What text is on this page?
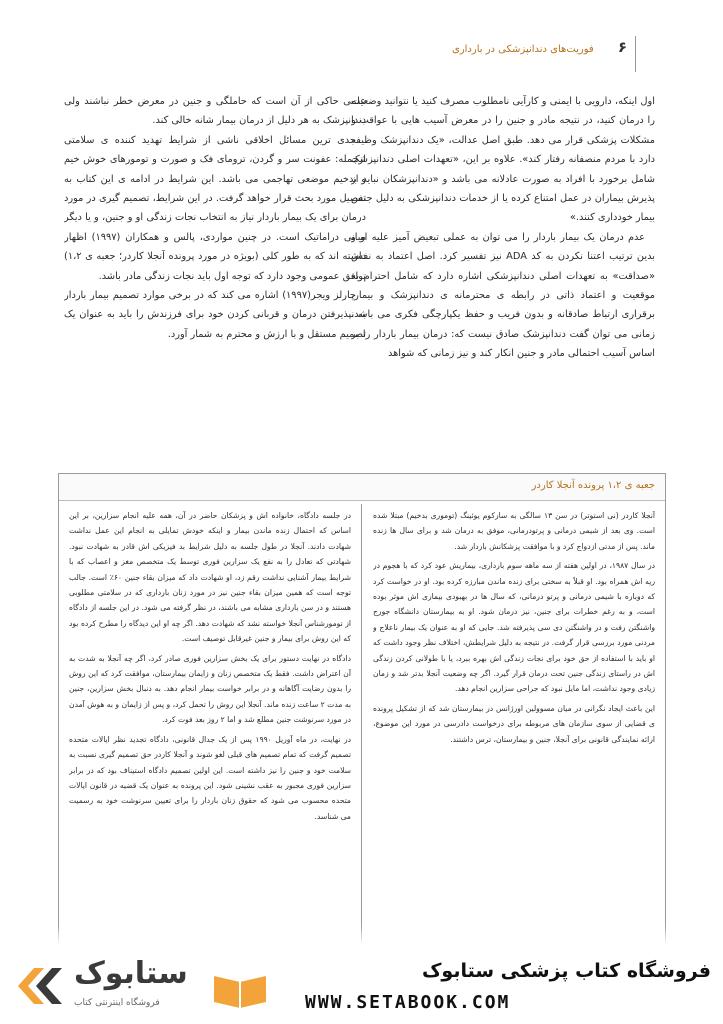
۶
فوریت‌های دندانپزشکی در بارداری

اول اینکه، دارویی با ایمنی و کارآیی نامطلوب مصرف کنید یا نتوانید وضعیت را درمان کنید، در نتیجه مادر و جنین را در معرض آسیب هایی با عواقب و مشکلات پزشکی قرار می دهد. طبق اصل عدالت، «یک دندانپزشک وظیفه دارد با مردم منصفانه رفتار کند». علاوه بر این، «تعهدات اصلی دندانپزشک شامل برخورد با افراد به صورت عادلانه می باشد و «دندانپزشکان نباید از پذیرش بیماران در عمل امتناع کرده یا از خدمات دندانپزشکی به دلیل جنس بیمار خودداری کنند.»

عدم درمان یک بیمار باردار را می توان به عملی تبعیض آمیز علیه او و بدین ترتیب اعتنا نکردن به کد ADA نیز تفسیر کرد. اصل اعتماد به نفس «صداقت» به تعهدات اصلی دندانپزشکی اشاره دارد که شامل احترام به موقعیت و اعتماد ذاتی در رابطه ی محترمانه ی دندانپزشک و بیمار، برقراری ارتباط صادقانه و بدون فریب و حفظ یکپارچگی فکری می باشد. زمانی می توان گفت دندانپزشک صادق نیست که: درمان بیمار باردار را بر اساس آسیب احتمالی مادر و جنین انکار کند و نیز زمانی که شواهد

علمی حاکی از آن است که حاملگی و جنین در معرض خطر نباشند ولی دندانپزشک به هر دلیل از درمان بیمار شانه خالی کند.

جدی ترین مسائل اخلاقی ناشی از شرایط تهدید کننده ی سلامتی ازجمله: عفونت سر و گردن، ترومای فک و صورت و تومورهای خوش خیم و بدخیم موضعی تهاجمی می باشد. این شرایط در ادامه ی این کتاب به تفصیل مورد بحث قرار خواهد گرفت. در این شرایط، تصمیم گیری در مورد درمان برای یک بیمار باردار نیاز به انتخاب نجات زندگی او و جنین، و یا دیگر مبانی دراماتیک است. در چنین مواردی، پالس و همکاران (۱۹۹۷) اظهار داشته اند که به طور کلی (بویژه در مورد پرونده آنجلا کاردر؛ جعبه ی ۱،۲) توافق عمومی وجود دارد که توجه اول باید نجات زندگی مادر باشد.

چارلز ویجر(۱۹۹۷) اشاره می کند که در برخی موارد تصمیم بیمار باردار به نپذیرفتن درمان و قربانی کردن خود برای فرزندش را باید به عنوان یک تصمیم مستقل و با ارزش و محترم به شمار آورد.

جعبه ی ۱،۲ پرونده آنجلا کاردر

آنجلا کاردر (نی استوتر) در سن ۱۳ سالگی به سارکوم یوئینگ (توموری بدخیم) مبتلا شده است. وی بعد از شیمی درمانی و پرتودرمانی، موفق به درمان شد و برای سال ها زنده ماند. پس از مدتی ازدواج کرد و با موافقت پزشکانش باردار شد.

در سال ۱۹۸۷، در اولین هفته از سه ماهه سوم بارداری، بیماریش عود کرد که با هجوم در ریه اش همراه بود. او قبلاً به سختی برای زنده ماندن مبارزه کرده بود. او در خواست کرد که دوباره با شیمی درمانی و پرتو درمانی، که سال ها در بهبودی بیماری اش موثر بوده است، و به رغم خطرات برای جنین، نیز درمان شود. او به بیمارستان دانشگاه جورج واشنگتن رفت و در واشنگتن دی سی پذیرفته شد. جایی که او به عنوان یک بیمار ناعلاج و مردنی مورد بررسی قرار گرفت. در نتیجه به دلیل شرایطش، اختلاف نظر وجود داشت که او باید با استفاده از حق خود برای نجات زندگی اش بهره ببرد، یا با طولانی کردن زندگی اش در راستای زندگی جنین تحت درمان قرار گیرد. اگر چه وضعیت آنجلا بدتر شد و زمان زیادی وجود نداشت، اما مایل نبود که جراحی سزارین انجام دهد.

این باعث ایجاد نگرانی در میان مسوولین اورژانس در بیمارستان شد که از تشکیل پرونده ی قضایی از سوی سازمان های مربوطه برای درخواست دادرسی در مورد این موضوع، ارائه نمایندگی قانونی برای آنجلا، جنین و بیمارستان، ترس داشتند.

در جلسه دادگاه، خانواده اش و پزشکان حاضر در آن، همه علیه انجام سزارین، بر این اساس که احتمال زنده ماندن بیمار و اینکه خودش تمایلی به انجام این عمل نداشت شهادت دادند. آنجلا در طول جلسه به دلیل شرایط بد فیزیکی اش قادر به شهادت نبود. شهادتی که تعادل را به نفع یک سزارین فوری توسط یک متخصص مغز و اعصاب که با شرایط بیمار آشنایی نداشت رقم زد، او شهادت داد که میزان بقاء جنین ۶۰٪ است. جالب توجه است که همین میزان بقاء جنین نیز در مورد زنان بارداری که در سلامتی مطلوبی هستند و در سن بارداری مشابه می باشند، در نظر گرفته می شود. در این جلسه از دادگاه از تومورشناس آنجلا خواسته نشد که شهادت دهد. اگر چه او این دیدگاه را مطرح کرده بود که این روش برای بیمار و جنین غیرقابل توصیف است.

دادگاه در نهایت دستور برای یک بخش سزارین فوری صادر کرد، اگر چه آنجلا به شدت به آن اعتراض داشت. فقط یک متخصص زنان و زایمان بیمارستان، موافقت کرد که این روش را بدون رضایت آگاهانه و در برابر خواست بیمار انجام دهد. به دنبال بخش سزارین، جنین به مدت ۲ ساعت زنده ماند. آنجلا این روش را تحمل کرد، و پس از زایمان و به هوش آمدن در مورد سرنوشت جنین مطلع شد و اما ۲ روز بعد فوت کرد.

در نهایت، در ماه آوریل ۱۹۹۰ پس از یک جدال قانونی، دادگاه تجدید نظر ایالات متحده تصمیم گرفت که تمام تصمیم های قبلی لغو شوند و آنجلا کاردر حق تصمیم گیری نسبت به سلامت خود و جنین را نیز داشته است. این اولین تصمیم دادگاه استیناف بود که در برابر سزارین فوری مجبور به عقب نشینی شود. این پرونده به عنوان یک قضیه در قانون ایالات متحده محسوب می شود که حقوق زنان باردار را برای تعیین سرنوشت خود به رسمیت می شناسد.

فروشگاه کتاب پزشکی ستابوک
WWW.SETABOOK.COM
ستابوک
فروشگاه اینترنتی کتاب
